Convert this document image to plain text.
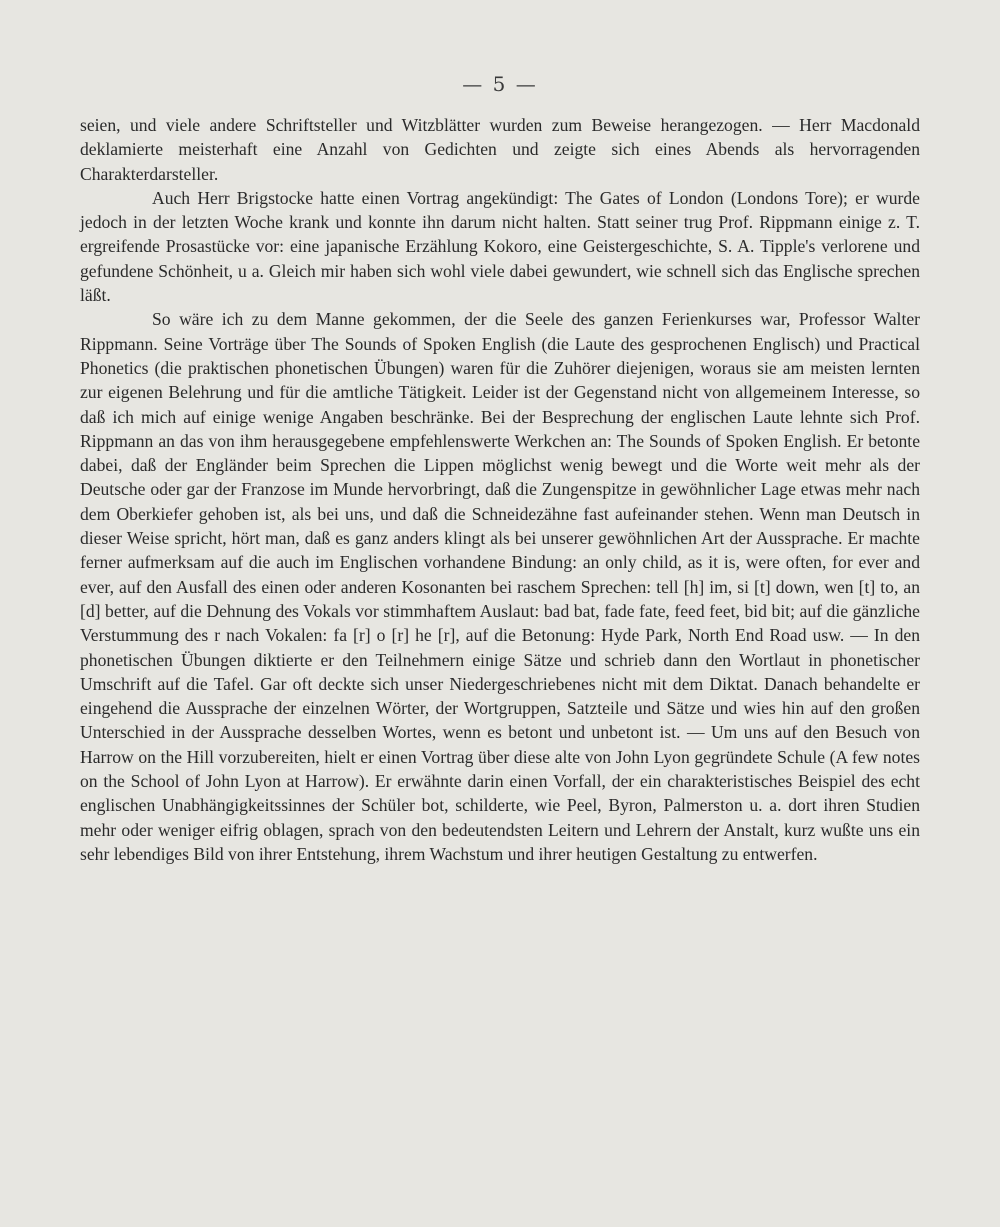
— 5 —

seien, und viele andere Schriftsteller und Witzblätter wurden zum Beweise herangezogen. — Herr Macdonald deklamierte meisterhaft eine Anzahl von Gedichten und zeigte sich eines Abends als hervorragenden Charakterdarsteller.

Auch Herr Brigstocke hatte einen Vortrag angekündigt: The Gates of London (Londons Tore); er wurde jedoch in der letzten Woche krank und konnte ihn darum nicht halten. Statt seiner trug Prof. Rippmann einige z. T. ergreifende Prosastücke vor: eine japanische Erzählung Kokoro, eine Geistergeschichte, S. A. Tipple's verlorene und gefundene Schönheit, u a. Gleich mir haben sich wohl viele dabei gewundert, wie schnell sich das Englische sprechen läßt.

So wäre ich zu dem Manne gekommen, der die Seele des ganzen Ferienkurses war, Professor Walter Rippmann. Seine Vorträge über The Sounds of Spoken English (die Laute des gesprochenen Englisch) und Practical Phonetics (die praktischen phonetischen Übungen) waren für die Zuhörer diejenigen, woraus sie am meisten lernten zur eigenen Belehrung und für die amtliche Tätigkeit. Leider ist der Gegenstand nicht von allgemeinem Interesse, so daß ich mich auf einige wenige Angaben beschränke. Bei der Besprechung der englischen Laute lehnte sich Prof. Rippmann an das von ihm herausgegebene empfehlenswerte Werkchen an: The Sounds of Spoken English. Er betonte dabei, daß der Engländer beim Sprechen die Lippen möglichst wenig bewegt und die Worte weit mehr als der Deutsche oder gar der Franzose im Munde hervorbringt, daß die Zungenspitze in gewöhnlicher Lage etwas mehr nach dem Oberkiefer gehoben ist, als bei uns, und daß die Schneidezähne fast aufeinander stehen. Wenn man Deutsch in dieser Weise spricht, hört man, daß es ganz anders klingt als bei unserer gewöhnlichen Art der Aussprache. Er machte ferner aufmerksam auf die auch im Englischen vorhandene Bindung: an only child, as it is, were often, for ever and ever, auf den Ausfall des einen oder anderen Kosonanten bei raschem Sprechen: tell [h] im, si [t] down, wen [t] to, an [d] better, auf die Dehnung des Vokals vor stimmhaftem Auslaut: bad bat, fade fate, feed feet, bid bit; auf die gänzliche Verstummung des r nach Vokalen: fa [r] o [r] he [r], auf die Betonung: Hyde Park, North End Road usw. — In den phonetischen Übungen diktierte er den Teilnehmern einige Sätze und schrieb dann den Wortlaut in phonetischer Umschrift auf die Tafel. Gar oft deckte sich unser Niedergeschriebenes nicht mit dem Diktat. Danach behandelte er eingehend die Aussprache der einzelnen Wörter, der Wortgruppen, Satzteile und Sätze und wies hin auf den großen Unterschied in der Aussprache desselben Wortes, wenn es betont und unbetont ist. — Um uns auf den Besuch von Harrow on the Hill vorzubereiten, hielt er einen Vortrag über diese alte von John Lyon gegründete Schule (A few notes on the School of John Lyon at Harrow). Er erwähnte darin einen Vorfall, der ein charakteristisches Beispiel des echt englischen Unabhängigkeitssinnes der Schüler bot, schilderte, wie Peel, Byron, Palmerston u. a. dort ihren Studien mehr oder weniger eifrig oblagen, sprach von den bedeutendsten Leitern und Lehrern der Anstalt, kurz wußte uns ein sehr lebendiges Bild von ihrer Entstehung, ihrem Wachstum und ihrer heutigen Gestaltung zu entwerfen.
